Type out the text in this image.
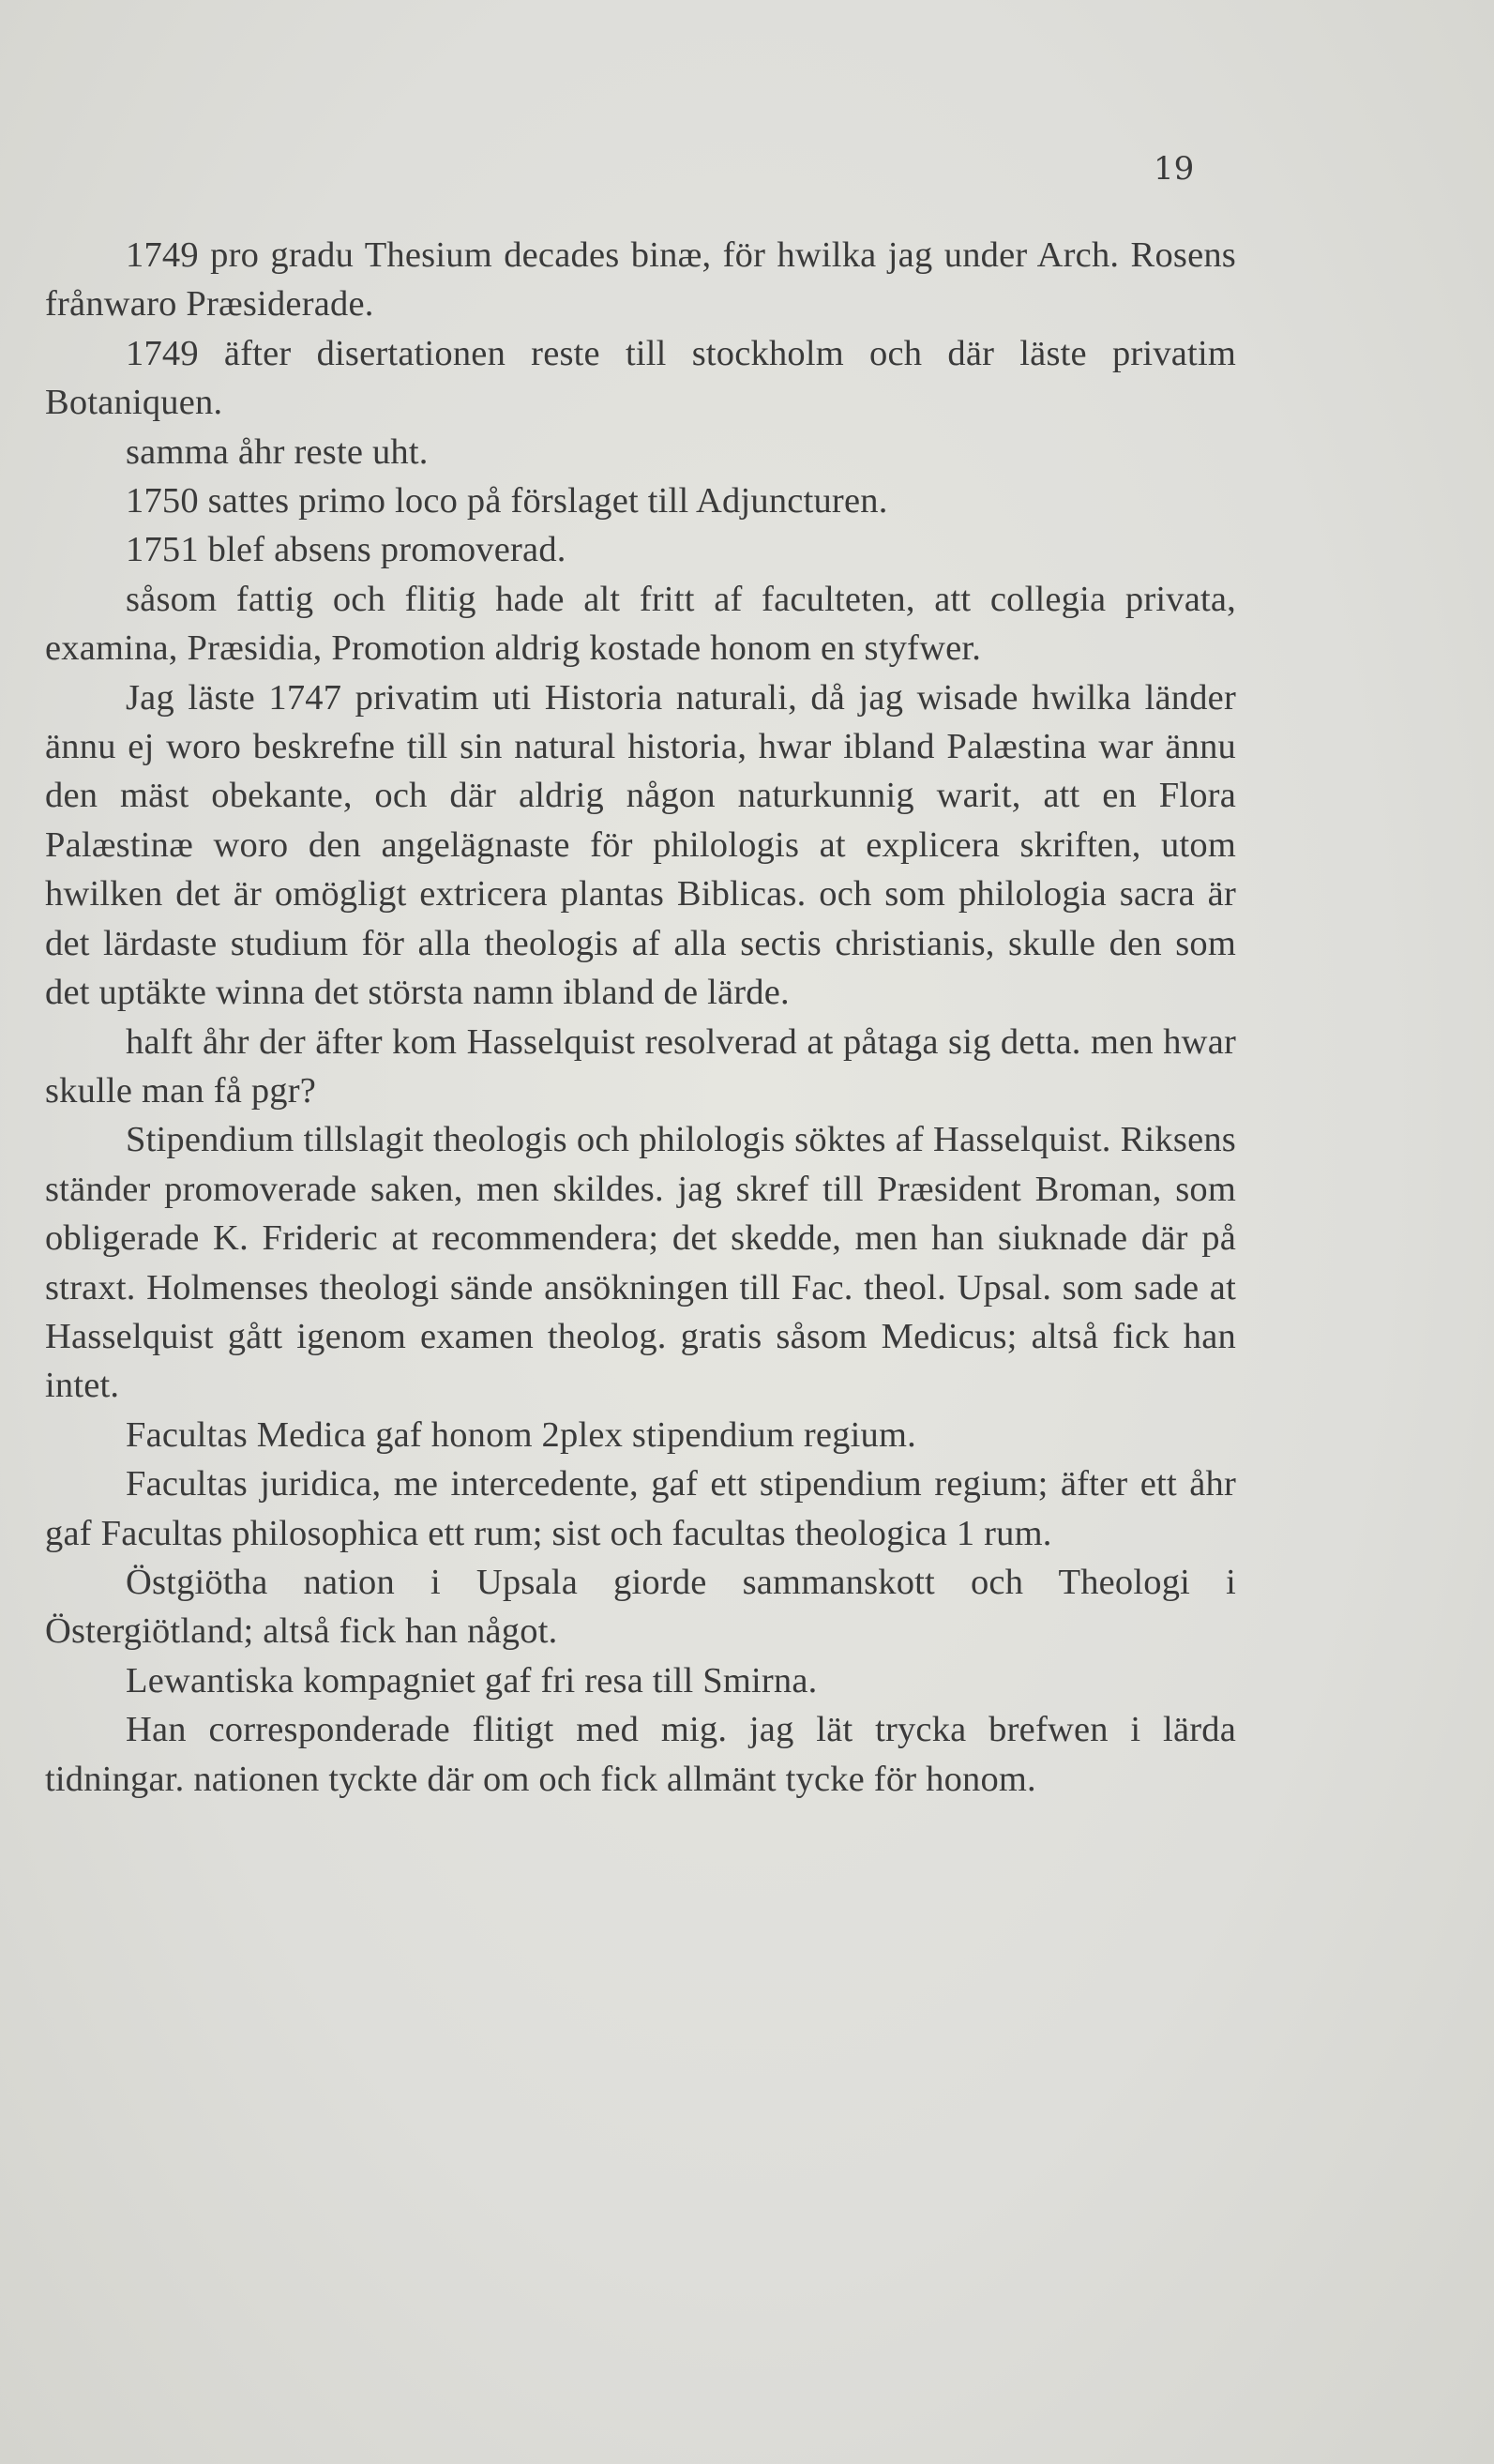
19

1749 pro gradu Thesium decades binæ, för hwilka jag under Arch. Rosens frånwaro Præsiderade.

1749 äfter disertationen reste till stockholm och där läste privatim Botaniquen.

samma åhr reste uht.

1750 sattes primo loco på förslaget till Adjuncturen.

1751 blef absens promoverad.

såsom fattig och flitig hade alt fritt af faculteten, att collegia privata, examina, Præsidia, Promotion aldrig kostade honom en styfwer.

Jag läste 1747 privatim uti Historia naturali, då jag wisade hwilka länder ännu ej woro beskrefne till sin natural historia, hwar ibland Palæstina war ännu den mäst obekante, och där aldrig någon naturkunnig warit, att en Flora Palæstinæ woro den angelägnaste för philologis at explicera skriften, utom hwilken det är omögligt extricera plantas Biblicas. och som philologia sacra är det lärdaste studium för alla theologis af alla sectis christianis, skulle den som det uptäkte winna det största namn ibland de lärde.

halft åhr der äfter kom Hasselquist resolverad at påtaga sig detta. men hwar skulle man få pgr?

Stipendium tillslagit theologis och philologis söktes af Hasselquist. Riksens ständer promoverade saken, men skildes. jag skref till Præsident Broman, som obligerade K. Frideric at recommendera; det skedde, men han siuknade där på straxt. Holmenses theologi sände ansökningen till Fac. theol. Upsal. som sade at Hasselquist gått igenom examen theolog. gratis såsom Medicus; altså fick han intet.

Facultas Medica gaf honom 2plex stipendium regium.

Facultas juridica, me intercedente, gaf ett stipendium regium; äfter ett åhr gaf Facultas philosophica ett rum; sist och facultas theologica 1 rum.

Östgiötha nation i Upsala giorde sammanskott och Theologi i Östergiötland; altså fick han något.

Lewantiska kompagniet gaf fri resa till Smirna.

Han corresponderade flitigt med mig. jag lät trycka brefwen i lärda tidningar. nationen tyckte där om och fick allmänt tycke för honom.
